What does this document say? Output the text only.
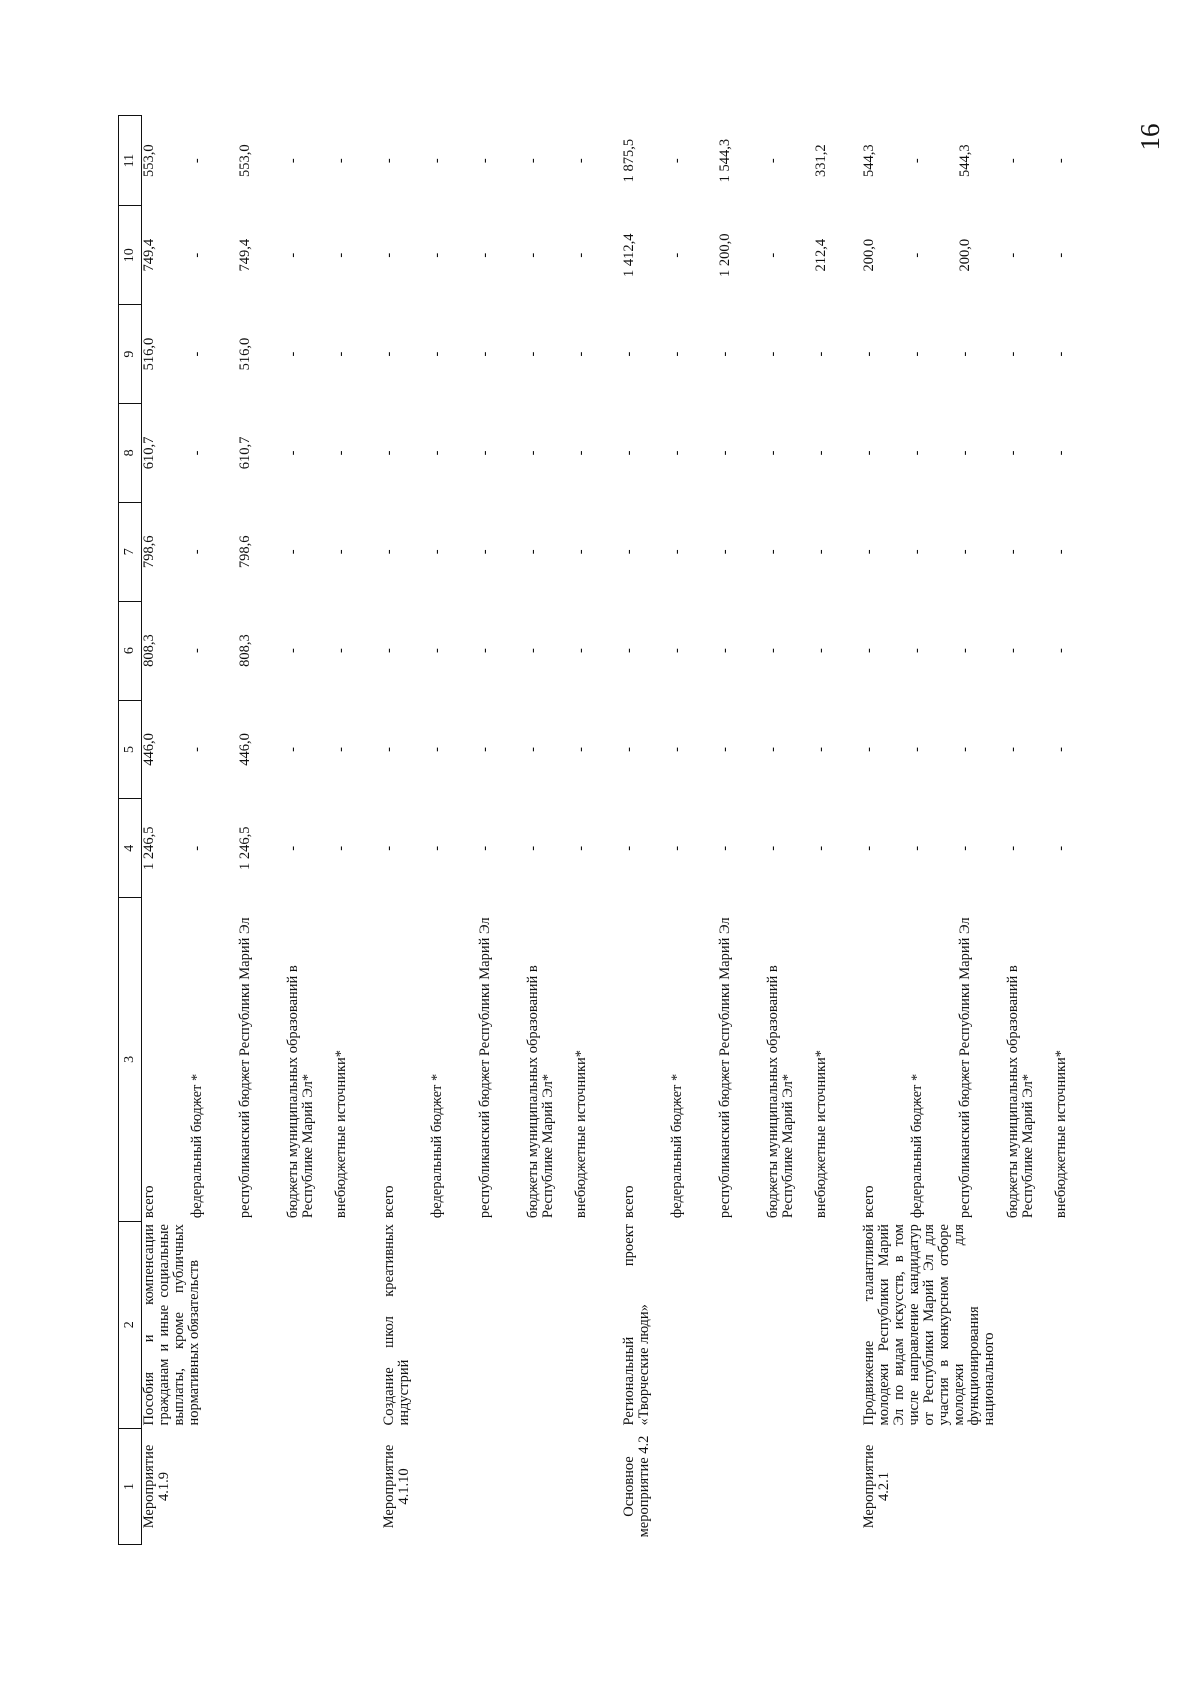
16

1	2	3	4	5	6	7	8	9	10	11
Мероприятие 4.1.9	Пособия и компенсации гражданам и иные социальные выплаты, кроме публичных нормативных обязательств	всего	1 246,5	446,0	808,3	798,6	610,7	516,0	749,4	553,0
		федеральный бюджет *	-	-	-	-	-	-	-	-
		республиканский бюджет Республики Марий Эл	1 246,5	446,0	808,3	798,6	610,7	516,0	749,4	553,0
		бюджеты муниципальных образований в Республике Марий Эл*	-	-	-	-	-	-	-	-
		внебюджетные источники*	-	-	-	-	-	-	-	-
Мероприятие 4.1.10	Создание школ креативных индустрий	всего	-	-	-	-	-	-	-	-
		федеральный бюджет *	-	-	-	-	-	-	-	-
		республиканский бюджет Республики Марий Эл	-	-	-	-	-	-	-	-
		бюджеты муниципальных образований в Республике Марий Эл*	-	-	-	-	-	-	-	-
		внебюджетные источники*	-	-	-	-	-	-	-	-
Основное мероприятие 4.2	Региональный проект «Творческие люди»	всего	-	-	-	-	-	-	1 412,4	1 875,5
		федеральный бюджет *	-	-	-	-	-	-	-	-
		республиканский бюджет Республики Марий Эл	-	-	-	-	-	-	1 200,0	1 544,3
		бюджеты муниципальных образований в Республике Марий Эл*	-	-	-	-	-	-	-	-
		внебюджетные источники*	-	-	-	-	-	-	212,4	331,2
Мероприятие 4.2.1	Продвижение талантливой молодежи Республики Марий Эл по видам искусств, в том числе направление кандидатур от Республики Марий Эл для участия в конкурсном отборе молодежи для функционирования национального	всего	-	-	-	-	-	-	200,0	544,3
		федеральный бюджет *	-	-	-	-	-	-	-	-
		республиканский бюджет Республики Марий Эл	-	-	-	-	-	-	200,0	544,3
		бюджеты муниципальных образований в Республике Марий Эл*	-	-	-	-	-	-	-	-
		внебюджетные источники*	-	-	-	-	-	-	-	-
